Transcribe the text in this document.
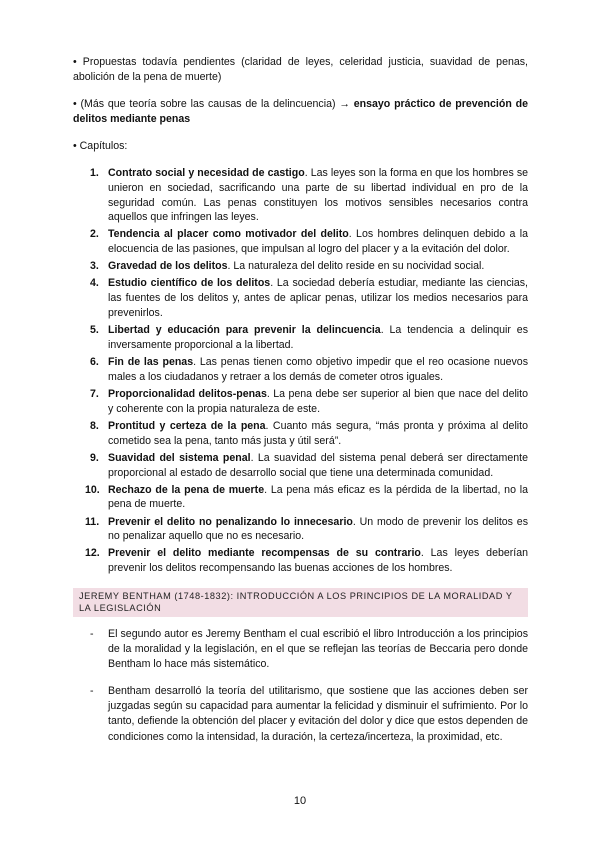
• Propuestas todavía pendientes (claridad de leyes, celeridad justicia, suavidad de penas, abolición de la pena de muerte)
• (Más que teoría sobre las causas de la delincuencia) → ensayo práctico de prevención de delitos mediante penas
• Capítulos:
1. Contrato social y necesidad de castigo. Las leyes son la forma en que los hombres se unieron en sociedad, sacrificando una parte de su libertad individual en pro de la seguridad común. Las penas constituyen los motivos sensibles necesarios contra aquellos que infringen las leyes.
2. Tendencia al placer como motivador del delito. Los hombres delinquen debido a la elocuencia de las pasiones, que impulsan al logro del placer y a la evitación del dolor.
3. Gravedad de los delitos. La naturaleza del delito reside en su nocividad social.
4. Estudio científico de los delitos. La sociedad debería estudiar, mediante las ciencias, las fuentes de los delitos y, antes de aplicar penas, utilizar los medios necesarios para prevenirlos.
5. Libertad y educación para prevenir la delincuencia. La tendencia a delinquir es inversamente proporcional a la libertad.
6. Fin de las penas. Las penas tienen como objetivo impedir que el reo ocasione nuevos males a los ciudadanos y retraer a los demás de cometer otros iguales.
7. Proporcionalidad delitos-penas. La pena debe ser superior al bien que nace del delito y coherente con la propia naturaleza de este.
8. Prontitud y certeza de la pena. Cuanto más segura, “más pronta y próxima al delito cometido sea la pena, tanto más justa y útil será”.
9. Suavidad del sistema penal. La suavidad del sistema penal deberá ser directamente proporcional al estado de desarrollo social que tiene una determinada comunidad.
10. Rechazo de la pena de muerte. La pena más eficaz es la pérdida de la libertad, no la pena de muerte.
11. Prevenir el delito no penalizando lo innecesario. Un modo de prevenir los delitos es no penalizar aquello que no es necesario.
12. Prevenir el delito mediante recompensas de su contrario. Las leyes deberían prevenir los delitos recompensando las buenas acciones de los hombres.
JEREMY BENTHAM (1748-1832): INTRODUCCIÓN A LOS PRINCIPIOS DE LA MORALIDAD Y LA LEGISLACIÓN
-	El segundo autor es Jeremy Bentham el cual escribió el libro Introducción a los principios de la moralidad y la legislación, en el que se reflejan las teorías de Beccaria pero donde Bentham lo hace más sistemático.
-	Bentham desarrolló la teoría del utilitarismo, que sostiene que las acciones deben ser juzgadas según su capacidad para aumentar la felicidad y disminuir el sufrimiento. Por lo tanto, defiende la obtención del placer y evitación del dolor y dice que estos dependen de condiciones como la intensidad, la duración, la certeza/incerteza, la proximidad, etc.
10
